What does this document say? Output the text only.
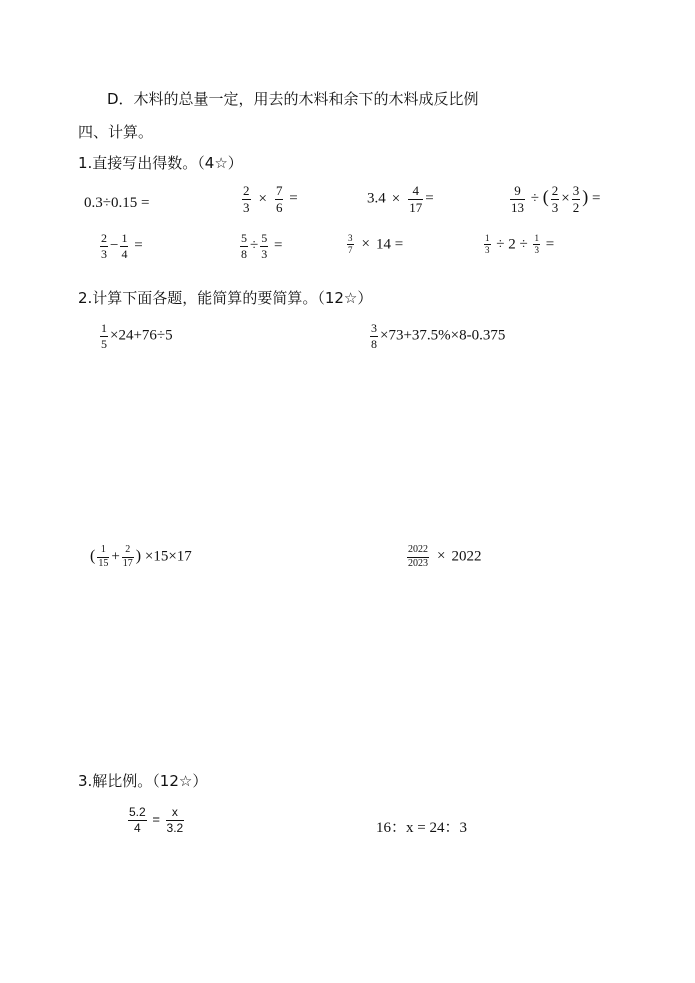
D．木料的总量一定，用去的木料和余下的木料成反比例
四、计算。
1.直接写出得数。（4☆）
0.3÷0.15 =	$\frac{2}{3} \times \frac{7}{6}$ =	$3.4 \times \frac{4}{17}$ =	$\frac{9}{13}$ ÷ ( $\frac{2}{3} \times \frac{3}{2}$ ) =
$\frac{2}{3} - \frac{1}{4}$ =	$\frac{5}{8} \div \frac{5}{3}$ =	$\frac{3}{7} \times 14$ =	$\frac{1}{3} \div 2 \div \frac{1}{3}$ =
2.计算下面各题，能简算的要简算。（12☆）
$\frac{1}{5} \times 24+76\div 5$	$\frac{3}{8} \times 73+37.5\%\times 8-0.375$
( $\frac{1}{15} + \frac{2}{17}$ ) ×15×17	$\frac{2022}{2023} \times 2022$
3.解比例。（12☆）
$\frac{5.2}{4} = \frac{x}{3.2}$	16：x = 24：3
